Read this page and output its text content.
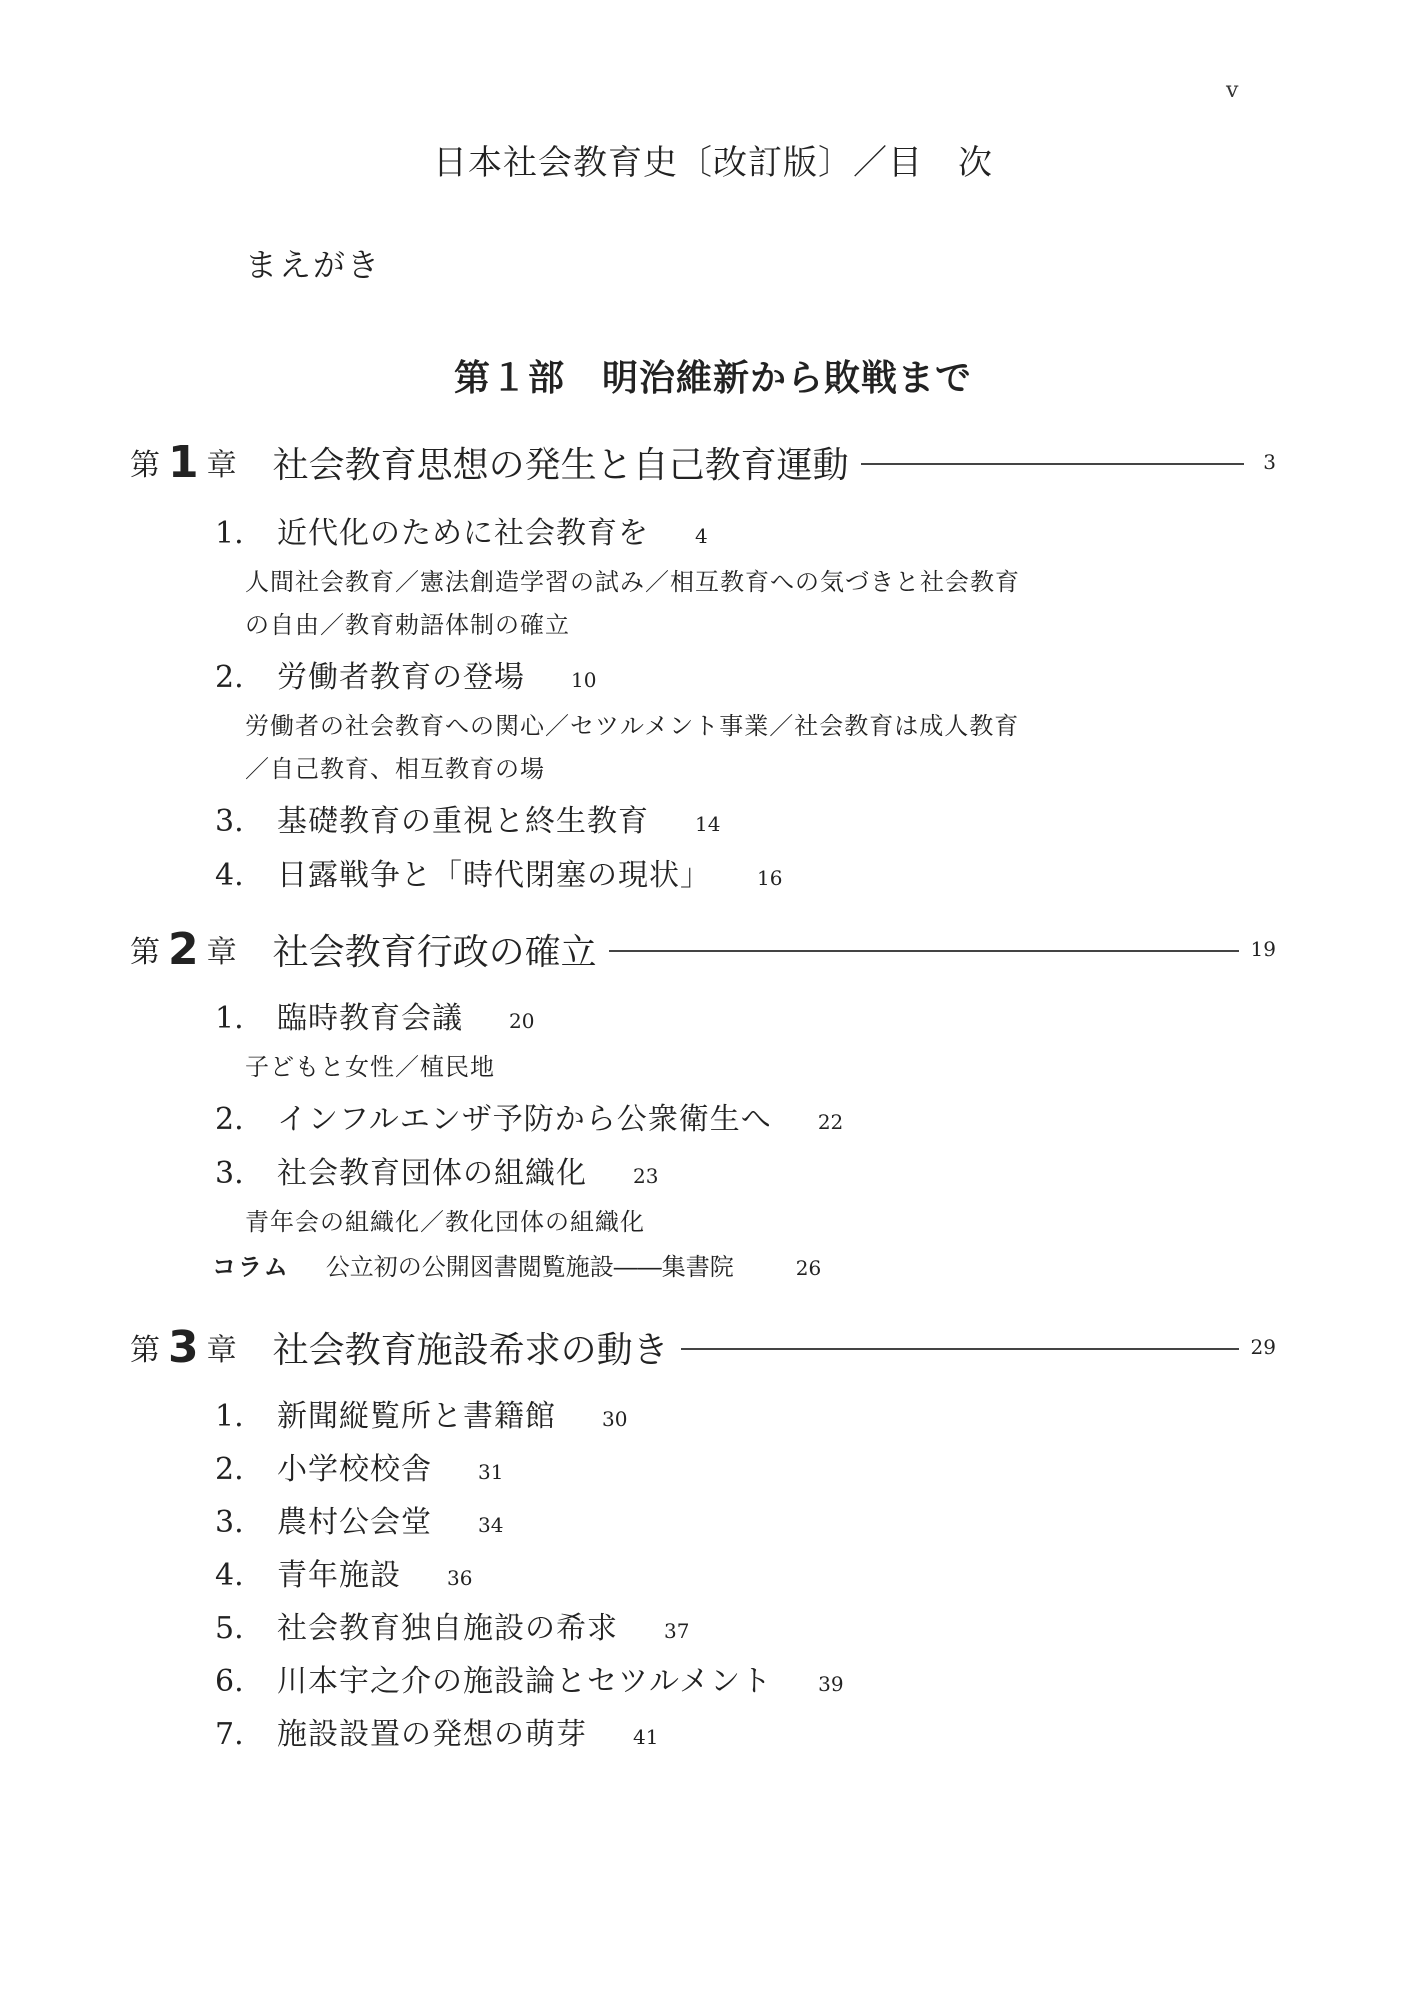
v
日本社会教育史〔改訂版〕／目　次
まえがき
第１部　明治維新から敗戦まで
第 1 章 社会教育思想の発生と自己教育運動	3
1.	近代化のために社会教育を 4
人間社会教育／憲法創造学習の試み／相互教育への気づきと社会教育
の自由／教育勅語体制の確立
2.	労働者教育の登場 10
労働者の社会教育への関心／セツルメント事業／社会教育は成人教育
／自己教育、相互教育の場
3.	基礎教育の重視と終生教育 14
4.	日露戦争と「時代閉塞の現状」 16
第 2 章 社会教育行政の確立	19
1.	臨時教育会議 20
子どもと女性／植民地
2.	インフルエンザ予防から公衆衛生へ 22
3.	社会教育団体の組織化 23
青年会の組織化／教化団体の組織化
コラム 公立初の公開図書閲覧施設――集書院	26
第 3 章 社会教育施設希求の動き	29
1.	新聞縦覧所と書籍館 30
2.	小学校校舎 31
3.	農村公会堂 34
4.	青年施設 36
5.	社会教育独自施設の希求 37
6.	川本宇之介の施設論とセツルメント 39
7.	施設設置の発想の萌芽 41
